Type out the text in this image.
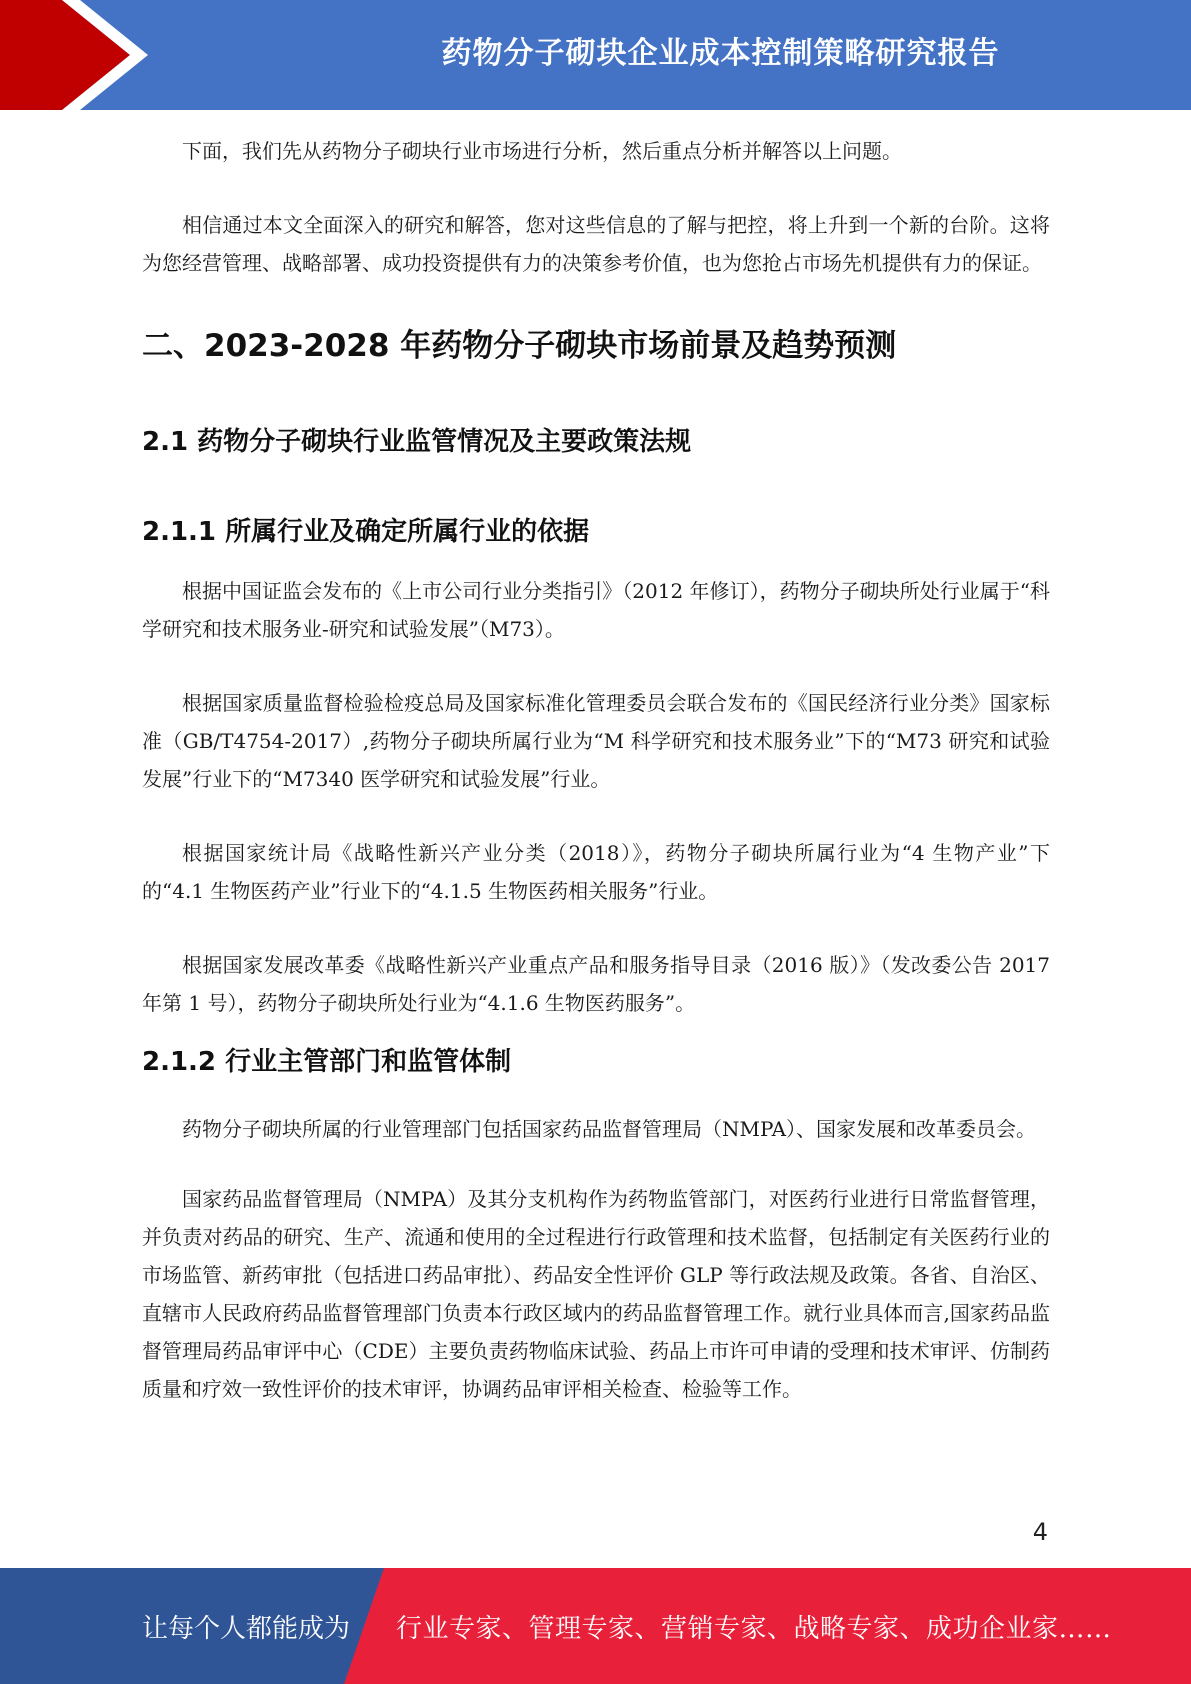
药物分子砌块企业成本控制策略研究报告

下面，我们先从药物分子砌块行业市场进行分析，然后重点分析并解答以上问题。

相信通过本文全面深入的研究和解答，您对这些信息的了解与把控，将上升到一个新的台阶。这将为您经营管理、战略部署、成功投资提供有力的决策参考价值，也为您抢占市场先机提供有力的保证。

二、2023-2028 年药物分子砌块市场前景及趋势预测
2.1 药物分子砌块行业监管情况及主要政策法规
2.1.1 所属行业及确定所属行业的依据

根据中国证监会发布的《上市公司行业分类指引》（2012 年修订），药物分子砌块所处行业属于“科学研究和技术服务业-研究和试验发展”（M73）。

根据国家质量监督检验检疫总局及国家标准化管理委员会联合发布的《国民经济行业分类》国家标准（GB/T4754-2017）,药物分子砌块所属行业为“M 科学研究和技术服务业”下的“M73 研究和试验发展”行业下的“M7340 医学研究和试验发展”行业。

根据国家统计局《战略性新兴产业分类（2018）》，药物分子砌块所属行业为“4 生物产业”下的“4.1 生物医药产业”行业下的“4.1.5 生物医药相关服务”行业。

根据国家发展改革委《战略性新兴产业重点产品和服务指导目录（2016 版）》（发改委公告 2017 年第 1 号），药物分子砌块所处行业为“4.1.6 生物医药服务”。

2.1.2 行业主管部门和监管体制

药物分子砌块所属的行业管理部门包括国家药品监督管理局（NMPA）、国家发展和改革委员会。

国家药品监督管理局（NMPA）及其分支机构作为药物监管部门，对医药行业进行日常监督管理，并负责对药品的研究、生产、流通和使用的全过程进行行政管理和技术监督，包括制定有关医药行业的市场监管、新药审批（包括进口药品审批）、药品安全性评价 GLP 等行政法规及政策。各省、自治区、直辖市人民政府药品监督管理部门负责本行政区域内的药品监督管理工作。就行业具体而言,国家药品监督管理局药品审评中心（CDE）主要负责药物临床试验、药品上市许可申请的受理和技术审评、仿制药质量和疗效一致性评价的技术审评，协调药品审评相关检查、检验等工作。

4
让每个人都能成为 行业专家、管理专家、营销专家、战略专家、成功企业家……
